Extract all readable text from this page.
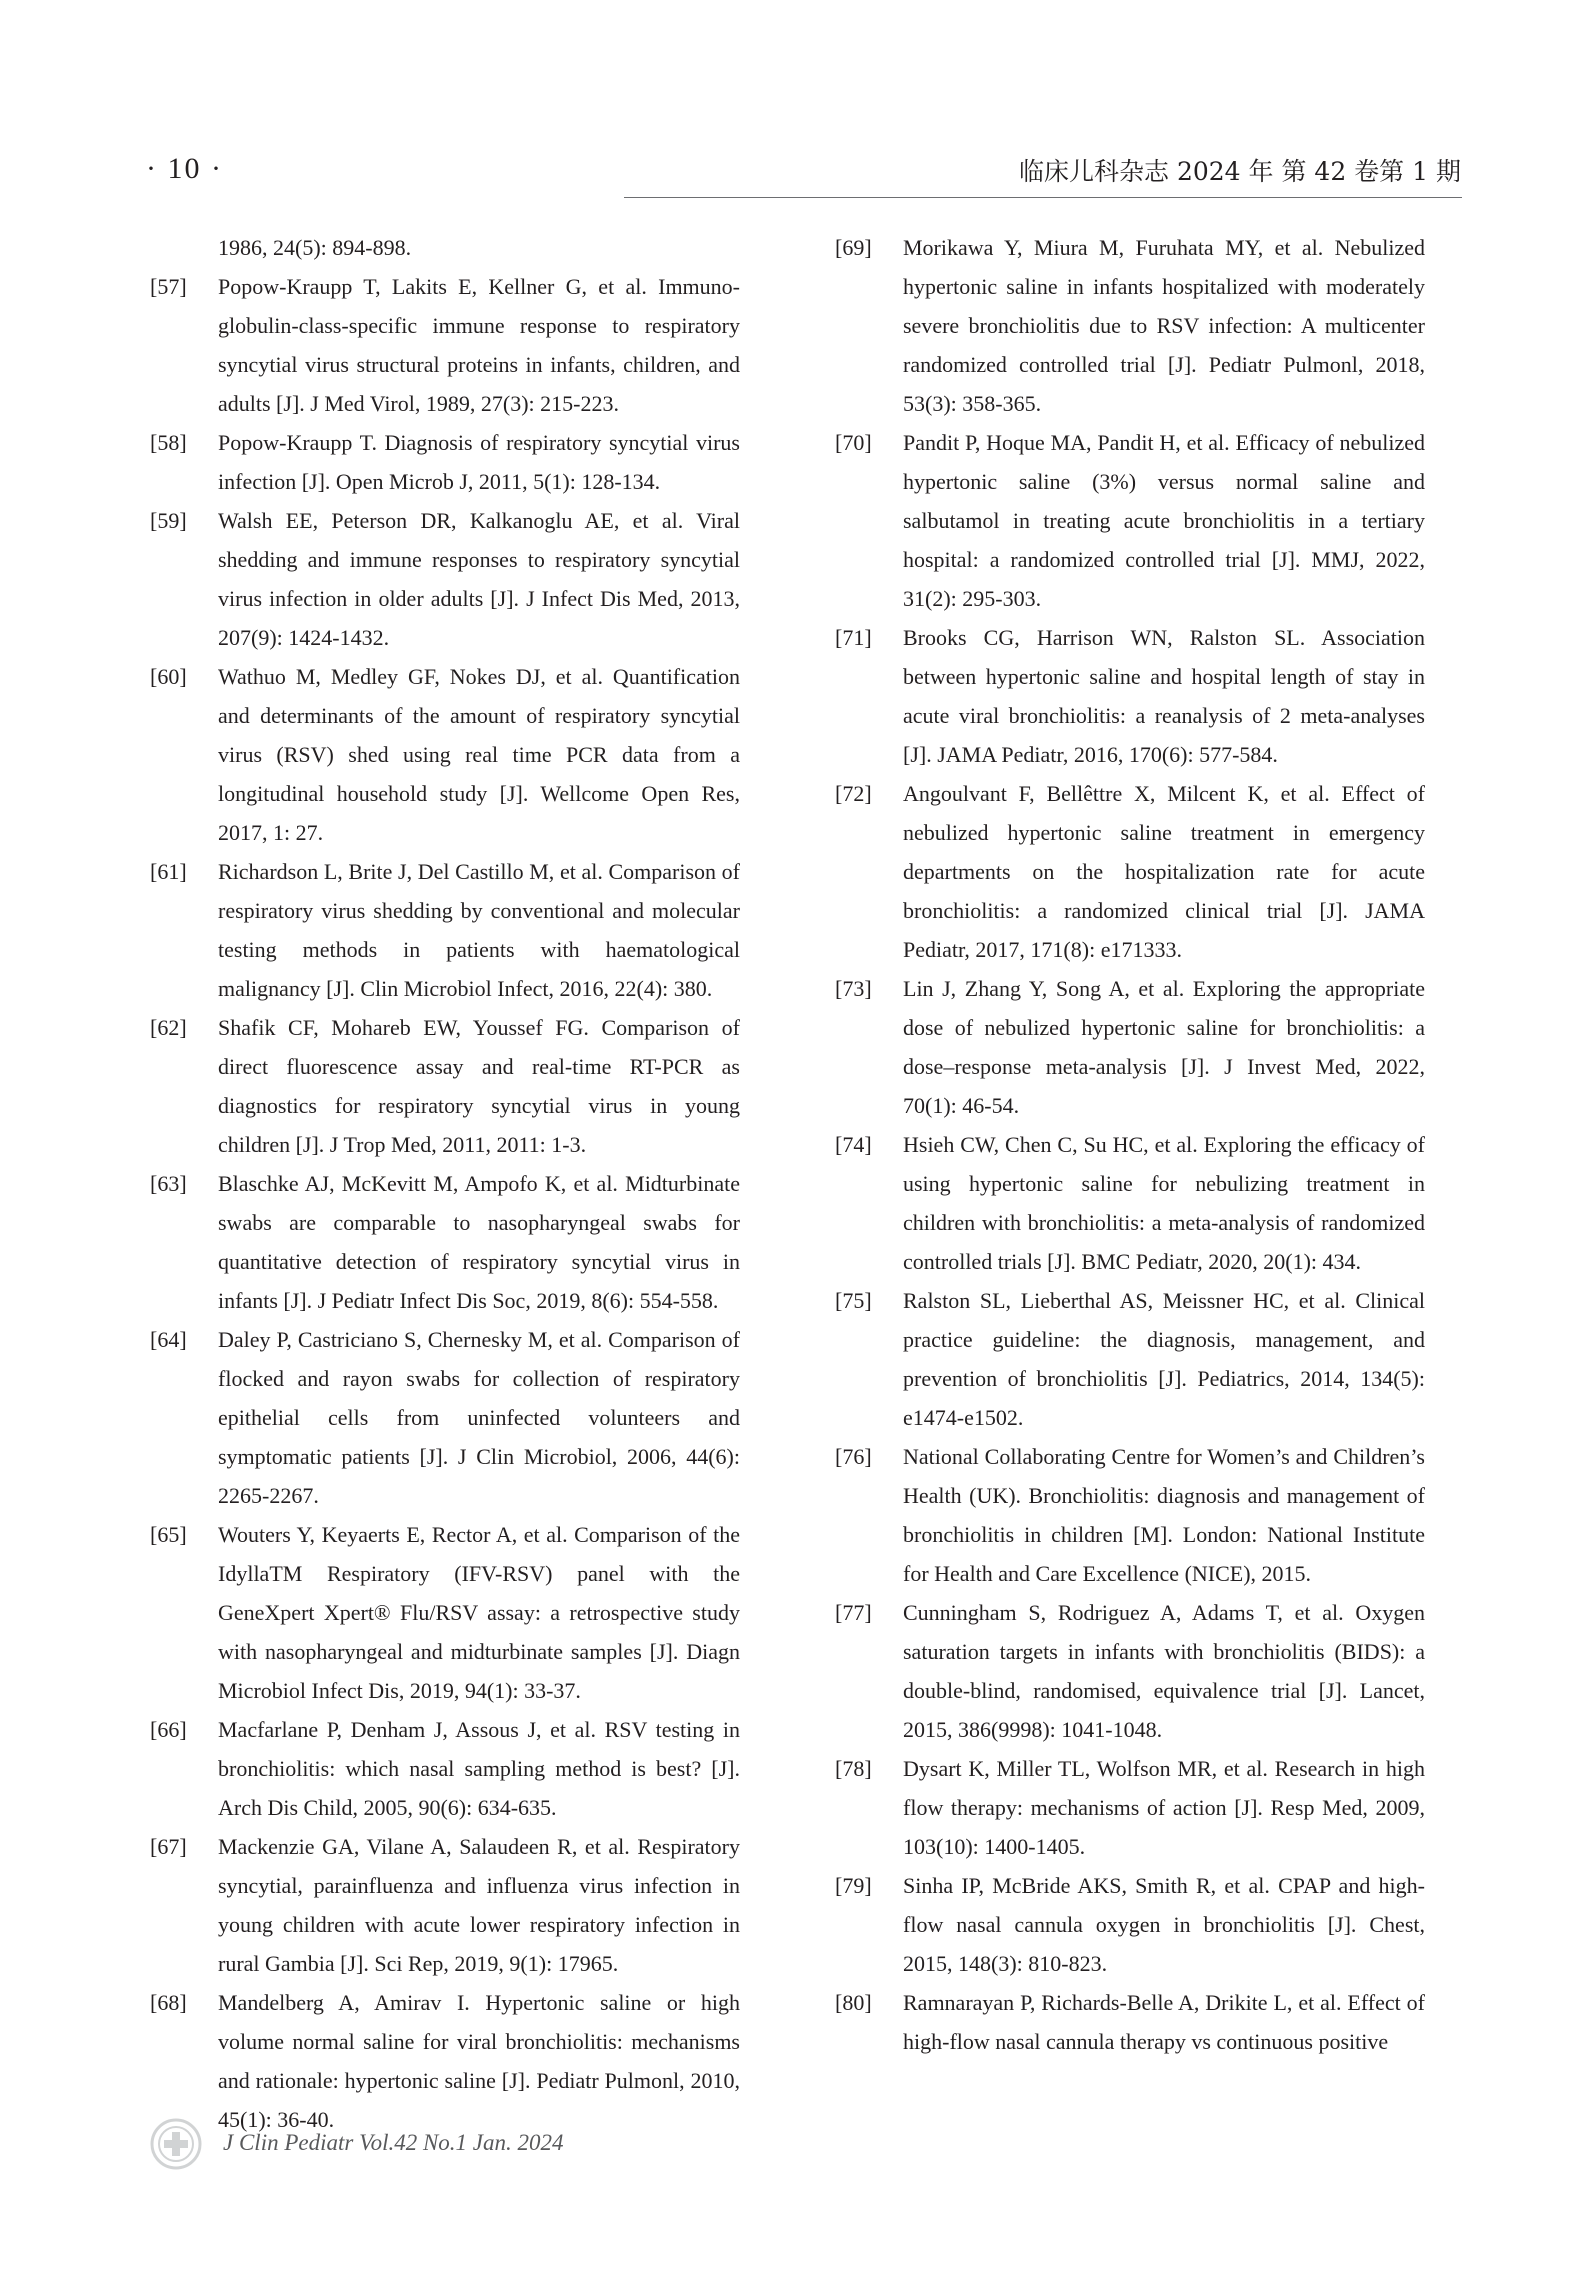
· 10 ·	临床儿科杂志 2024 年 第 42 卷第 1 期

1986, 24(5): 894-898.

[57] Popow-Kraupp T, Lakits E, Kellner G, et al. Immuno-globulin-class-specific immune response to respiratory syncytial virus structural proteins in infants, children, and adults [J]. J Med Virol, 1989, 27(3): 215-223.

[58] Popow-Kraupp T. Diagnosis of respiratory syncytial virus infection [J]. Open Microb J, 2011, 5(1): 128-134.

[59] Walsh EE, Peterson DR, Kalkanoglu AE, et al. Viral shedding and immune responses to respiratory syncytial virus infection in older adults [J]. J Infect Dis Med, 2013, 207(9): 1424-1432.

[60] Wathuo M, Medley GF, Nokes DJ, et al. Quantification and determinants of the amount of respiratory syncytial virus (RSV) shed using real time PCR data from a longitudinal household study [J]. Wellcome Open Res, 2017, 1: 27.

[61] Richardson L, Brite J, Del Castillo M, et al. Comparison of respiratory virus shedding by conventional and molecular testing methods in patients with haematological malignancy [J]. Clin Microbiol Infect, 2016, 22(4): 380.

[62] Shafik CF, Mohareb EW, Youssef FG. Comparison of direct fluorescence assay and real-time RT-PCR as diagnostics for respiratory syncytial virus in young children [J]. J Trop Med, 2011, 2011: 1-3.

[63] Blaschke AJ, McKevitt M, Ampofo K, et al. Midturbinate swabs are comparable to nasopharyngeal swabs for quantitative detection of respiratory syncytial virus in infants [J]. J Pediatr Infect Dis Soc, 2019, 8(6): 554-558.

[64] Daley P, Castriciano S, Chernesky M, et al. Comparison of flocked and rayon swabs for collection of respiratory epithelial cells from uninfected volunteers and symptomatic patients [J]. J Clin Microbiol, 2006, 44(6): 2265-2267.

[65] Wouters Y, Keyaerts E, Rector A, et al. Comparison of the IdyllaTM Respiratory (IFV-RSV) panel with the GeneXpert Xpert® Flu/RSV assay: a retrospective study with nasopharyngeal and midturbinate samples [J]. Diagn Microbiol Infect Dis, 2019, 94(1): 33-37.

[66] Macfarlane P, Denham J, Assous J, et al. RSV testing in bronchiolitis: which nasal sampling method is best? [J]. Arch Dis Child, 2005, 90(6): 634-635.

[67] Mackenzie GA, Vilane A, Salaudeen R, et al. Respiratory syncytial, parainfluenza and influenza virus infection in young children with acute lower respiratory infection in rural Gambia [J]. Sci Rep, 2019, 9(1): 17965.

[68] Mandelberg A, Amirav I. Hypertonic saline or high volume normal saline for viral bronchiolitis: mechanisms and rationale: hypertonic saline [J]. Pediatr Pulmonl, 2010, 45(1): 36-40.

[69] Morikawa Y, Miura M, Furuhata MY, et al. Nebulized hypertonic saline in infants hospitalized with moderately severe bronchiolitis due to RSV infection: A multicenter randomized controlled trial [J]. Pediatr Pulmonl, 2018, 53(3): 358-365.

[70] Pandit P, Hoque MA, Pandit H, et al. Efficacy of nebulized hypertonic saline (3%) versus normal saline and salbutamol in treating acute bronchiolitis in a tertiary hospital: a randomized controlled trial [J]. MMJ, 2022, 31(2): 295-303.

[71] Brooks CG, Harrison WN, Ralston SL. Association between hypertonic saline and hospital length of stay in acute viral bronchiolitis: a reanalysis of 2 meta-analyses [J]. JAMA Pediatr, 2016, 170(6): 577-584.

[72] Angoulvant F, Bellêttre X, Milcent K, et al. Effect of nebulized hypertonic saline treatment in emergency departments on the hospitalization rate for acute bronchiolitis: a randomized clinical trial [J]. JAMA Pediatr, 2017, 171(8): e171333.

[73] Lin J, Zhang Y, Song A, et al. Exploring the appropriate dose of nebulized hypertonic saline for bronchiolitis: a dose–response meta-analysis [J]. J Invest Med, 2022, 70(1): 46-54.

[74] Hsieh CW, Chen C, Su HC, et al. Exploring the efficacy of using hypertonic saline for nebulizing treatment in children with bronchiolitis: a meta-analysis of randomized controlled trials [J]. BMC Pediatr, 2020, 20(1): 434.

[75] Ralston SL, Lieberthal AS, Meissner HC, et al. Clinical practice guideline: the diagnosis, management, and prevention of bronchiolitis [J]. Pediatrics, 2014, 134(5): e1474-e1502.

[76] National Collaborating Centre for Women’s and Children’s Health (UK). Bronchiolitis: diagnosis and management of bronchiolitis in children [M]. London: National Institute for Health and Care Excellence (NICE), 2015.

[77] Cunningham S, Rodriguez A, Adams T, et al. Oxygen saturation targets in infants with bronchiolitis (BIDS): a double-blind, randomised, equivalence trial [J]. Lancet, 2015, 386(9998): 1041-1048.

[78] Dysart K, Miller TL, Wolfson MR, et al. Research in high flow therapy: mechanisms of action [J]. Resp Med, 2009, 103(10): 1400-1405.

[79] Sinha IP, McBride AKS, Smith R, et al. CPAP and high-flow nasal cannula oxygen in bronchiolitis [J]. Chest, 2015, 148(3): 810-823.

[80] Ramnarayan P, Richards-Belle A, Drikite L, et al. Effect of high-flow nasal cannula therapy vs continuous positive

J Clin Pediatr Vol.42 No.1 Jan. 2024
